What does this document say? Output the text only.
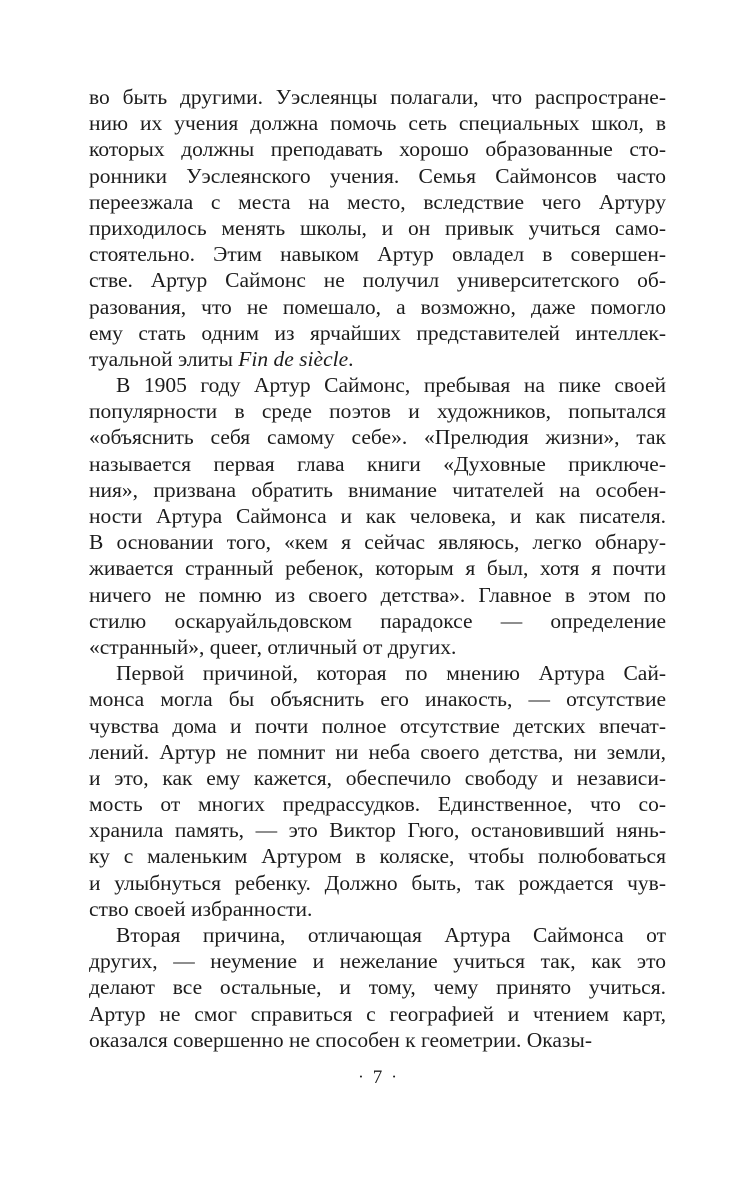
во быть другими. Уэслеянцы полагали, что распростране-
нию их учения должна помочь сеть специальных школ, в
которых должны преподавать хорошо образованные сто-
ронники Уэслеянского учения. Семья Саймонсов часто
переезжала с места на место, вследствие чего Артуру
приходилось менять школы, и он привык учиться само-
стоятельно. Этим навыком Артур овладел в совершен-
стве. Артур Саймонс не получил университетского об-
разования, что не помешало, а возможно, даже помогло
ему стать одним из ярчайших представителей интеллек-
туальной элиты Fin de siècle.
В 1905 году Артур Саймонс, пребывая на пике своей
популярности в среде поэтов и художников, попытался
«объяснить себя самому себе». «Прелюдия жизни», так
называется первая глава книги «Духовные приключе-
ния», призвана обратить внимание читателей на особен-
ности Артура Саймонса и как человека, и как писателя.
В основании того, «кем я сейчас являюсь, легко обнару-
живается странный ребенок, которым я был, хотя я почти
ничего не помню из своего детства». Главное в этом по
стилю оскаруайльдовском парадоксе — определение
«странный», queer, отличный от других.
Первой причиной, которая по мнению Артура Сай-
монса могла бы объяснить его инакость, — отсутствие
чувства дома и почти полное отсутствие детских впечат-
лений. Артур не помнит ни неба своего детства, ни земли,
и это, как ему кажется, обеспечило свободу и независи-
мость от многих предрассудков. Единственное, что со-
хранила память, — это Виктор Гюго, остановивший нянь-
ку с маленьким Артуром в коляске, чтобы полюбоваться
и улыбнуться ребенку. Должно быть, так рождается чув-
ство своей избранности.
Вторая причина, отличающая Артура Саймонса от
других, — неумение и нежелание учиться так, как это
делают все остальные, и тому, чему принято учиться.
Артур не смог справиться с географией и чтением карт,
оказался совершенно не способен к геометрии. Оказы-
· 7 ·
